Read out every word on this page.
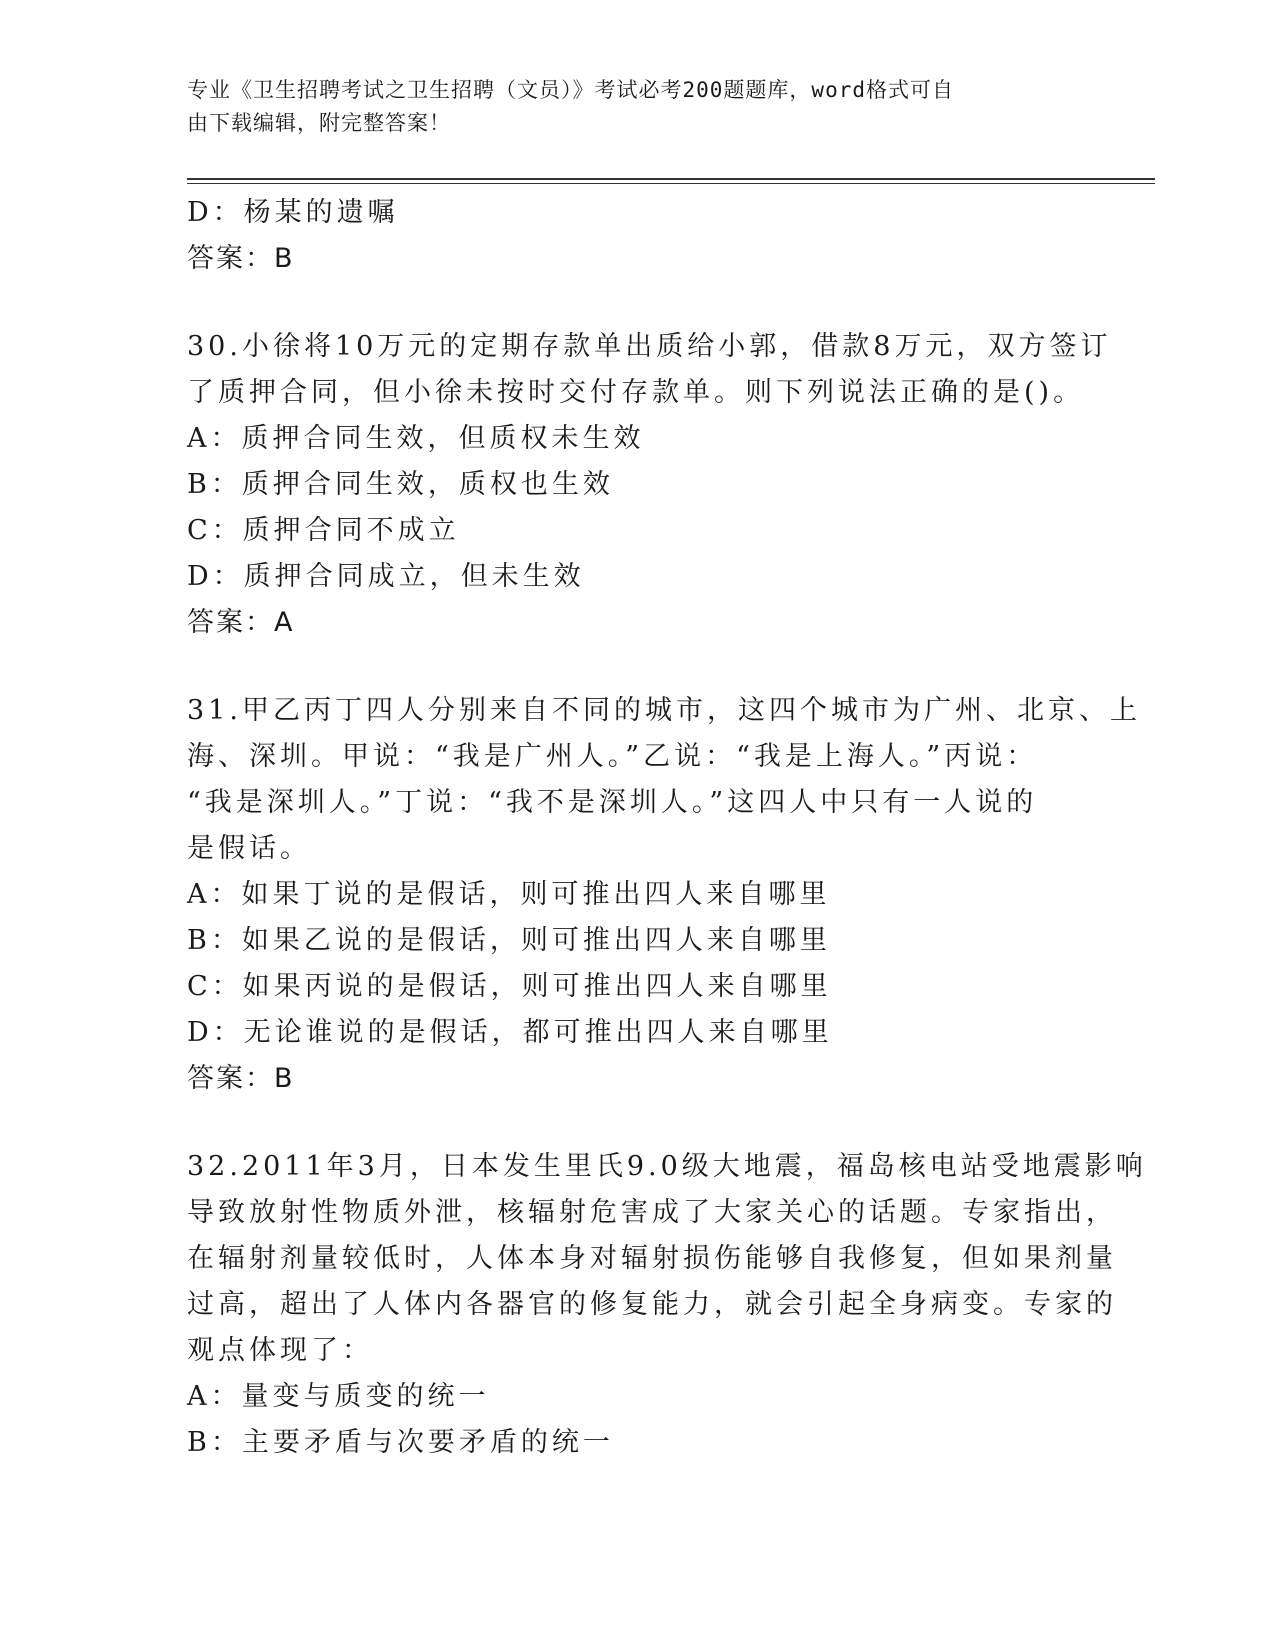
专业《卫生招聘考试之卫生招聘（文员）》考试必考200题题库，word格式可自
由下载编辑，附完整答案！
D：杨某的遗嘱
答案：B
30.小徐将10万元的定期存款单出质给小郭，借款8万元，双方签订
了质押合同，但小徐未按时交付存款单。则下列说法正确的是()。
A：质押合同生效，但质权未生效
B：质押合同生效，质权也生效
C：质押合同不成立
D：质押合同成立，但未生效
答案：A
31.甲乙丙丁四人分别来自不同的城市，这四个城市为广州、北京、上
海、深圳。甲说：“我是广州人。”乙说：“我是上海人。”丙说：
“我是深圳人。”丁说：“我不是深圳人。”这四人中只有一人说的
是假话。
A：如果丁说的是假话，则可推出四人来自哪里
B：如果乙说的是假话，则可推出四人来自哪里
C：如果丙说的是假话，则可推出四人来自哪里
D：无论谁说的是假话，都可推出四人来自哪里
答案：B
32.2011年3月，日本发生里氏9.0级大地震，福岛核电站受地震影响
导致放射性物质外泄，核辐射危害成了大家关心的话题。专家指出，
在辐射剂量较低时，人体本身对辐射损伤能够自我修复，但如果剂量
过高，超出了人体内各器官的修复能力，就会引起全身病变。专家的
观点体现了：
A：量变与质变的统一
B：主要矛盾与次要矛盾的统一
